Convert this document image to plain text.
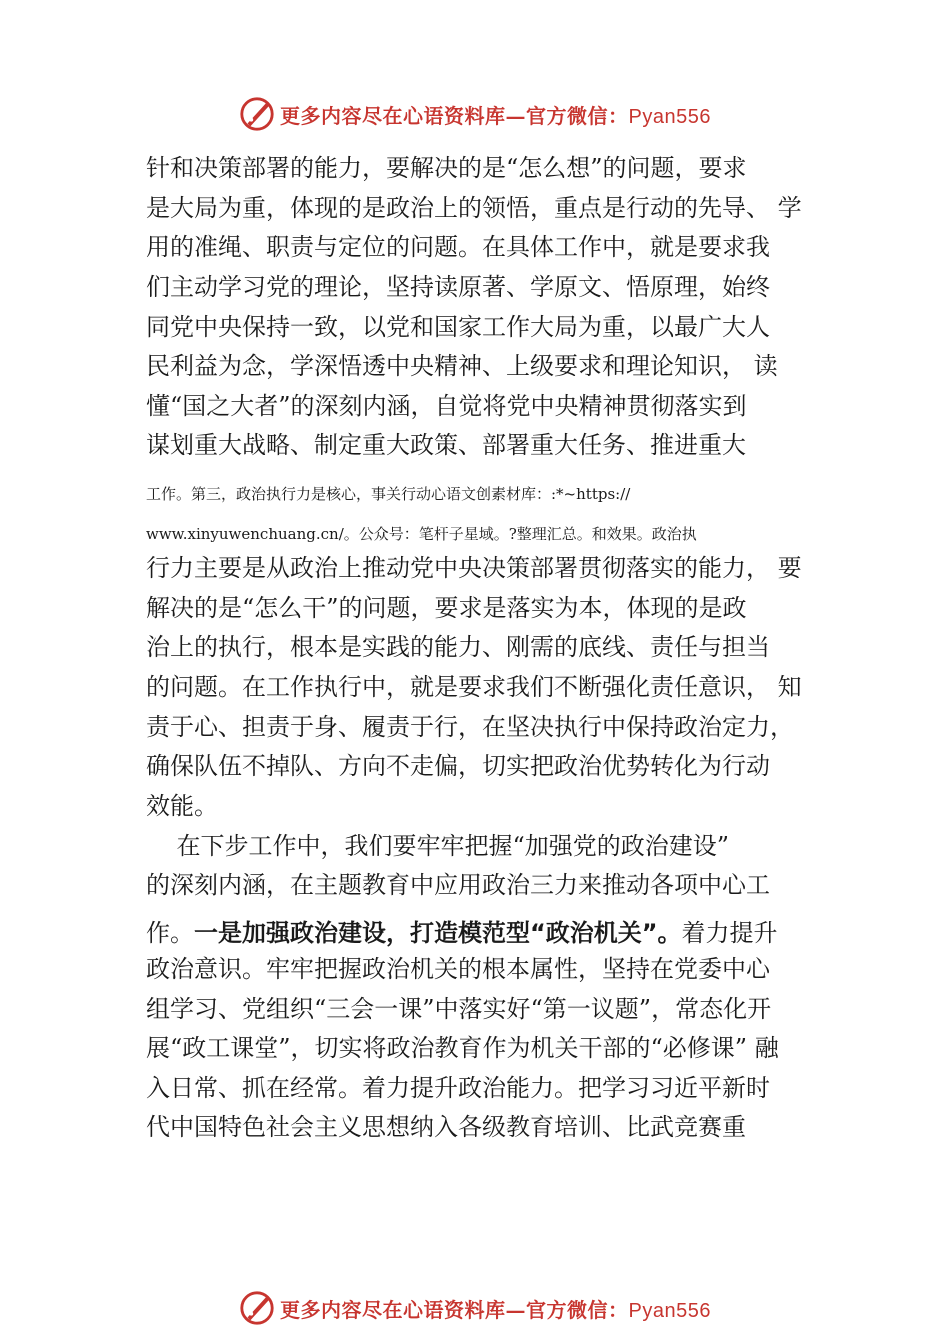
更多内容尽在心语资料库—官方微信：Pyan556
针和决策部署的能力，要解决的是“怎么想”的问题，要求
是大局为重，体现的是政治上的领悟，重点是行动的先导、 学
用的准绳、职责与定位的问题。在具体工作中，就是要求我
们主动学习党的理论，坚持读原著、学原文、悟原理，始终
同党中央保持一致，以党和国家工作大局为重，以最广大人
民利益为念，学深悟透中央精神、上级要求和理论知识， 读
懂“国之大者”的深刻内涵，自觉将党中央精神贯彻落实到
谋划重大战略、制定重大政策、部署重大任务、推进重大
工作。第三，政治执行力是核心，事关行动心语文创素材库：:*~https://
www.xinyuwenchuang.cn/。公众号：笔杆子星域。?整理汇总。和效果。政治执
行力主要是从政治上推动党中央决策部署贯彻落实的能力， 要
解决的是“怎么干”的问题，要求是落实为本，体现的是政
治上的执行，根本是实践的能力、刚需的底线、责任与担当
的问题。在工作执行中，就是要求我们不断强化责任意识， 知
责于心、担责于身、履责于行，在坚决执行中保持政治定力，
确保队伍不掉队、方向不走偏，切实把政治优势转化为行动
效能。
在下步工作中，我们要牢牢把握“加强党的政治建设”
的深刻内涵，在主题教育中应用政治三力来推动各项中心工
作。一是加强政治建设，打造模范型“政治机关”。着力提升
政治意识。牢牢把握政治机关的根本属性，坚持在党委中心
组学习、党组织“三会一课”中落实好“第一议题”，常态化开
展“政工课堂”，切实将政治教育作为机关干部的“必修课” 融
入日常、抓在经常。着力提升政治能力。把学习习近平新时
代中国特色社会主义思想纳入各级教育培训、比武竞赛重
更多内容尽在心语资料库—官方微信：Pyan556
